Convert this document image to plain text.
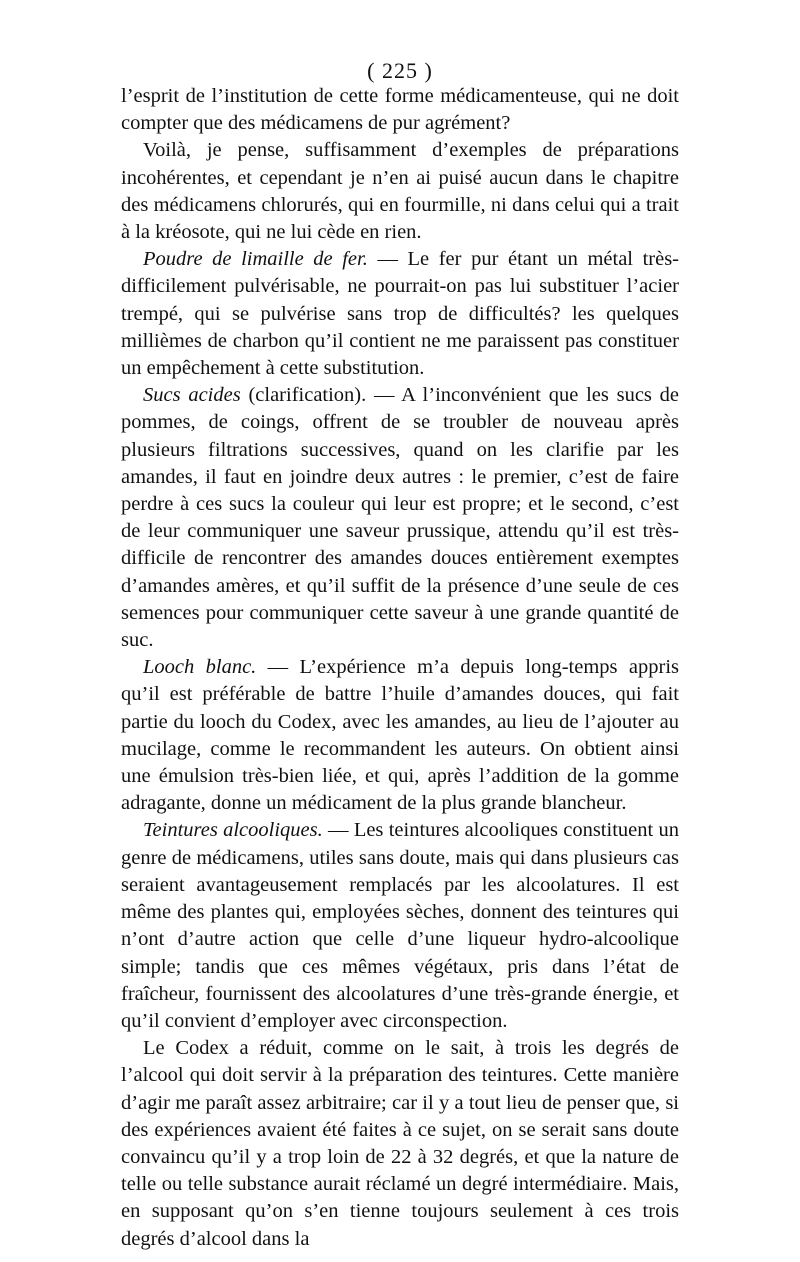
( 225 )

l’esprit de l’institution de cette forme médicamenteuse, qui ne doit compter que des médicamens de pur agrément?

Voilà, je pense, suffisamment d’exemples de préparations incohérentes, et cependant je n’en ai puisé aucun dans le chapitre des médicamens chlorurés, qui en fourmille, ni dans celui qui a trait à la kréosote, qui ne lui cède en rien.

Poudre de limaille de fer. — Le fer pur étant un métal très-difficilement pulvérisable, ne pourrait-on pas lui substituer l’acier trempé, qui se pulvérise sans trop de difficultés? les quelques millièmes de charbon qu’il contient ne me paraissent pas constituer un empêchement à cette substitution.

Sucs acides (clarification). — A l’inconvénient que les sucs de pommes, de coings, offrent de se troubler de nouveau après plusieurs filtrations successives, quand on les clarifie par les amandes, il faut en joindre deux autres : le premier, c’est de faire perdre à ces sucs la couleur qui leur est propre; et le second, c’est de leur communiquer une saveur prussique, attendu qu’il est très-difficile de rencontrer des amandes douces entièrement exemptes d’amandes amères, et qu’il suffit de la présence d’une seule de ces semences pour communiquer cette saveur à une grande quantité de suc.

Looch blanc. — L’expérience m’a depuis long-temps appris qu’il est préférable de battre l’huile d’amandes douces, qui fait partie du looch du Codex, avec les amandes, au lieu de l’ajouter au mucilage, comme le recommandent les auteurs. On obtient ainsi une émulsion très-bien liée, et qui, après l’addition de la gomme adragante, donne un médicament de la plus grande blancheur.

Teintures alcooliques. — Les teintures alcooliques constituent un genre de médicamens, utiles sans doute, mais qui dans plusieurs cas seraient avantageusement remplacés par les alcoolatures. Il est même des plantes qui, employées sèches, donnent des teintures qui n’ont d’autre action que celle d’une liqueur hydro-alcoolique simple; tandis que ces mêmes végétaux, pris dans l’état de fraîcheur, fournissent des alcoolatures d’une très-grande énergie, et qu’il convient d’employer avec circonspection.

Le Codex a réduit, comme on le sait, à trois les degrés de l’alcool qui doit servir à la préparation des teintures. Cette manière d’agir me paraît assez arbitraire; car il y a tout lieu de penser que, si des expériences avaient été faites à ce sujet, on se serait sans doute convaincu qu’il y a trop loin de 22 à 32 degrés, et que la nature de telle ou telle substance aurait réclamé un degré intermédiaire. Mais, en supposant qu’on s’en tienne toujours seulement à ces trois degrés d’alcool dans la
